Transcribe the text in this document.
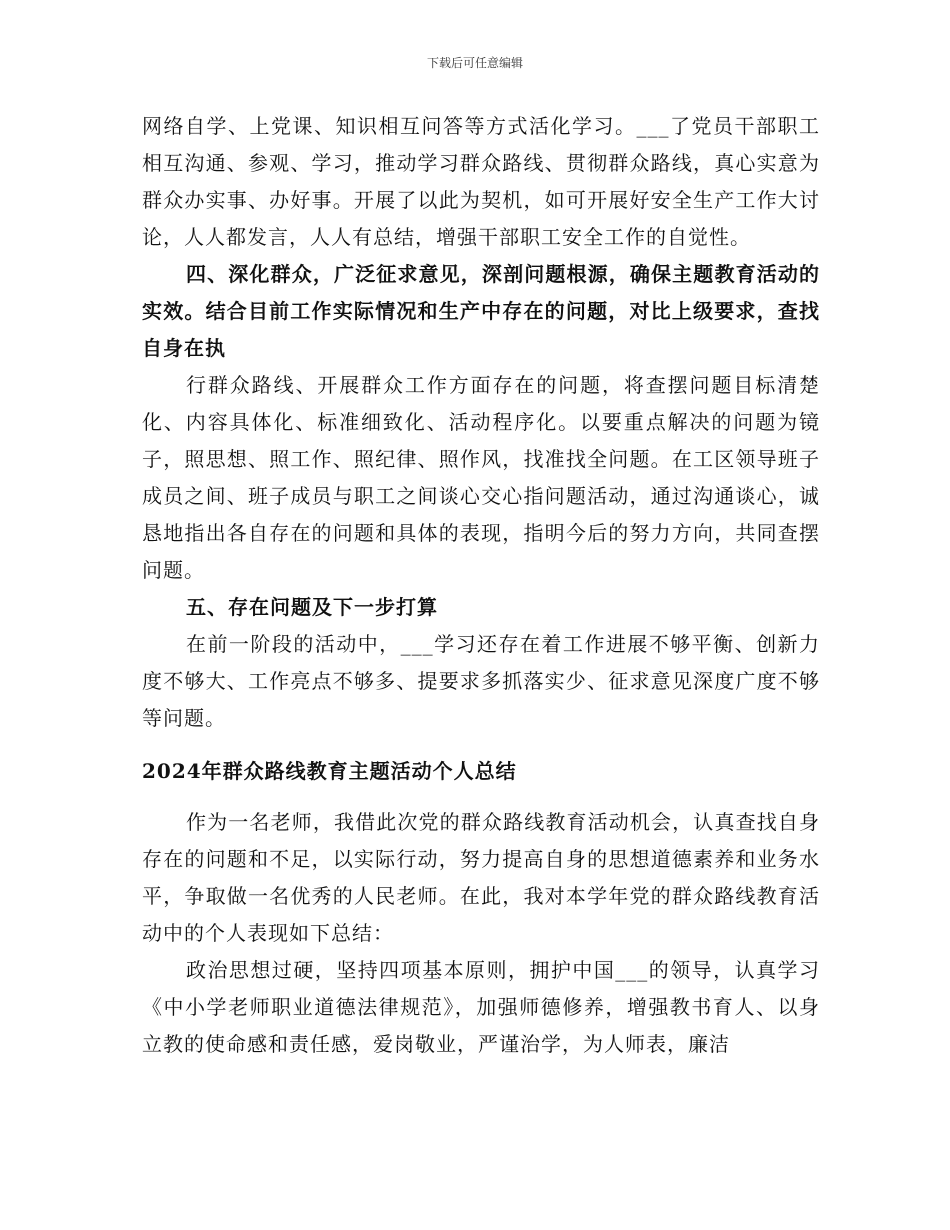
下载后可任意编辑

网络自学、上党课、知识相互问答等方式活化学习。___了党员干部职工相互沟通、参观、学习，推动学习群众路线、贯彻群众路线，真心实意为群众办实事、办好事。开展了以此为契机，如可开展好安全生产工作大讨论，人人都发言，人人有总结，增强干部职工安全工作的自觉性。

四、深化群众，广泛征求意见，深剖问题根源，确保主题教育活动的实效。结合目前工作实际情况和生产中存在的问题，对比上级要求，查找自身在执

行群众路线、开展群众工作方面存在的问题，将查摆问题目标清楚化、内容具体化、标准细致化、活动程序化。以要重点解决的问题为镜子，照思想、照工作、照纪律、照作风，找准找全问题。在工区领导班子成员之间、班子成员与职工之间谈心交心指问题活动，通过沟通谈心，诚恳地指出各自存在的问题和具体的表现，指明今后的努力方向，共同查摆问题。

五、存在问题及下一步打算

在前一阶段的活动中，___学习还存在着工作进展不够平衡、创新力度不够大、工作亮点不够多、提要求多抓落实少、征求意见深度广度不够等问题。

2024年群众路线教育主题活动个人总结

作为一名老师，我借此次党的群众路线教育活动机会，认真查找自身存在的问题和不足，以实际行动，努力提高自身的思想道德素养和业务水平，争取做一名优秀的人民老师。在此，我对本学年党的群众路线教育活动中的个人表现如下总结：

政治思想过硬，坚持四项基本原则，拥护中国___的领导，认真学习《中小学老师职业道德法律规范》，加强师德修养，增强教书育人、以身立教的使命感和责任感，爱岗敬业，严谨治学，为人师表，廉洁
